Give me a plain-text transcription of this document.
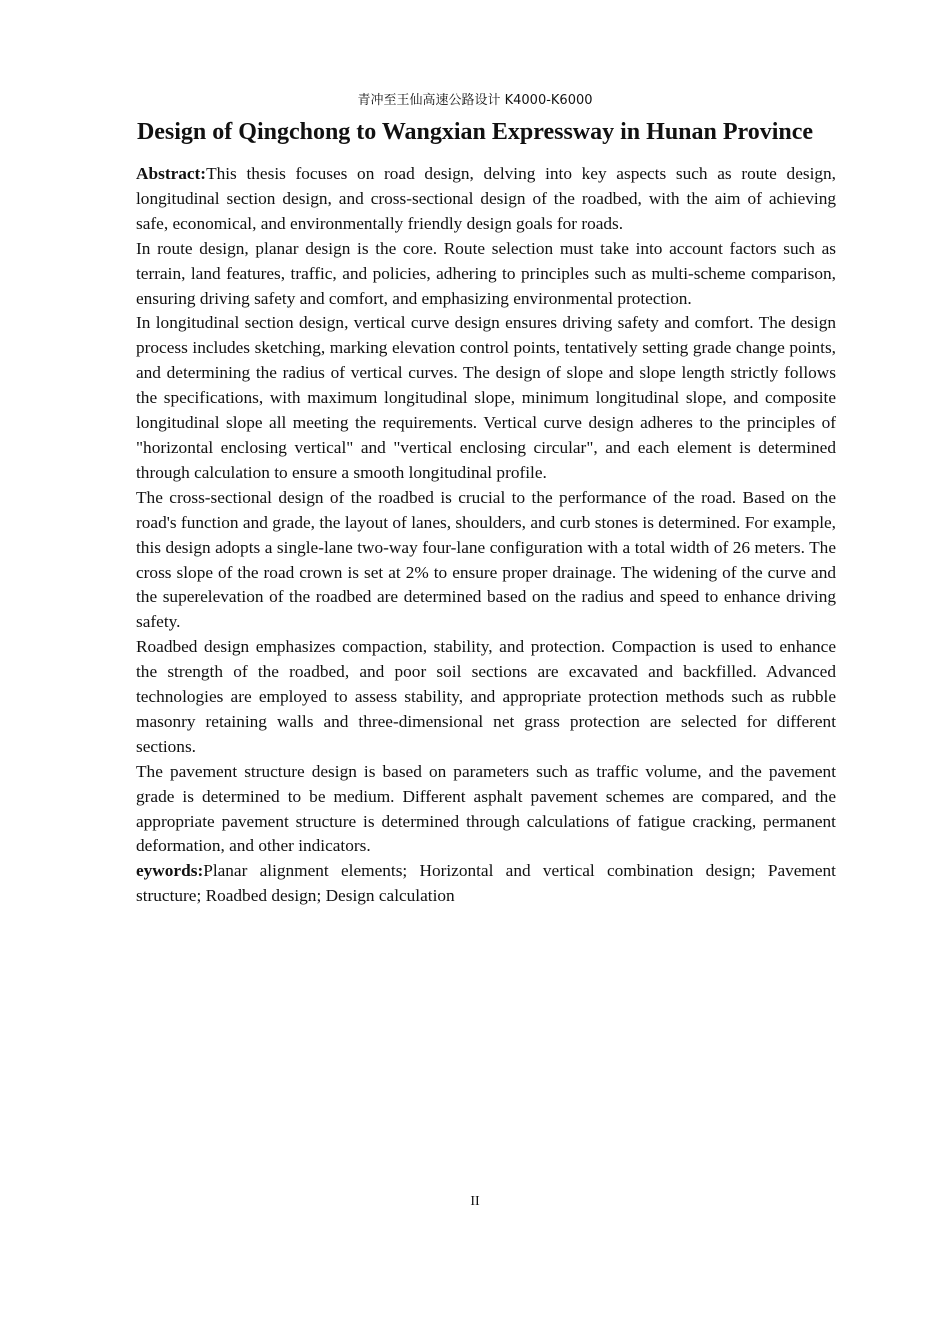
青冲至王仙高速公路设计 K4000-K6000
Design of Qingchong to Wangxian Expressway in Hunan Province

Abstract:This thesis focuses on road design, delving into key aspects such as route design, longitudinal section design, and cross-sectional design of the roadbed, with the aim of achieving safe, economical, and environmentally friendly design goals for roads.

In route design, planar design is the core. Route selection must take into account factors such as terrain, land features, traffic, and policies, adhering to principles such as multi-scheme comparison, ensuring driving safety and comfort, and emphasizing environmental protection.

In longitudinal section design, vertical curve design ensures driving safety and comfort. The design process includes sketching, marking elevation control points, tentatively setting grade change points, and determining the radius of vertical curves. The design of slope and slope length strictly follows the specifications, with maximum longitudinal slope, minimum longitudinal slope, and composite longitudinal slope all meeting the requirements. Vertical curve design adheres to the principles of "horizontal enclosing vertical" and "vertical enclosing circular", and each element is determined through calculation to ensure a smooth longitudinal profile.

The cross-sectional design of the roadbed is crucial to the performance of the road. Based on the road's function and grade, the layout of lanes, shoulders, and curb stones is determined. For example, this design adopts a single-lane two-way four-lane configuration with a total width of 26 meters. The cross slope of the road crown is set at 2% to ensure proper drainage. The widening of the curve and the superelevation of the roadbed are determined based on the radius and speed to enhance driving safety.

Roadbed design emphasizes compaction, stability, and protection. Compaction is used to enhance the strength of the roadbed, and poor soil sections are excavated and backfilled. Advanced technologies are employed to assess stability, and appropriate protection methods such as rubble masonry retaining walls and three-dimensional net grass protection are selected for different sections.

The pavement structure design is based on parameters such as traffic volume, and the pavement grade is determined to be medium. Different asphalt pavement schemes are compared, and the appropriate pavement structure is determined through calculations of fatigue cracking, permanent deformation, and other indicators.

eywords:Planar alignment elements; Horizontal and vertical combination design; Pavement structure; Roadbed design; Design calculation

II
